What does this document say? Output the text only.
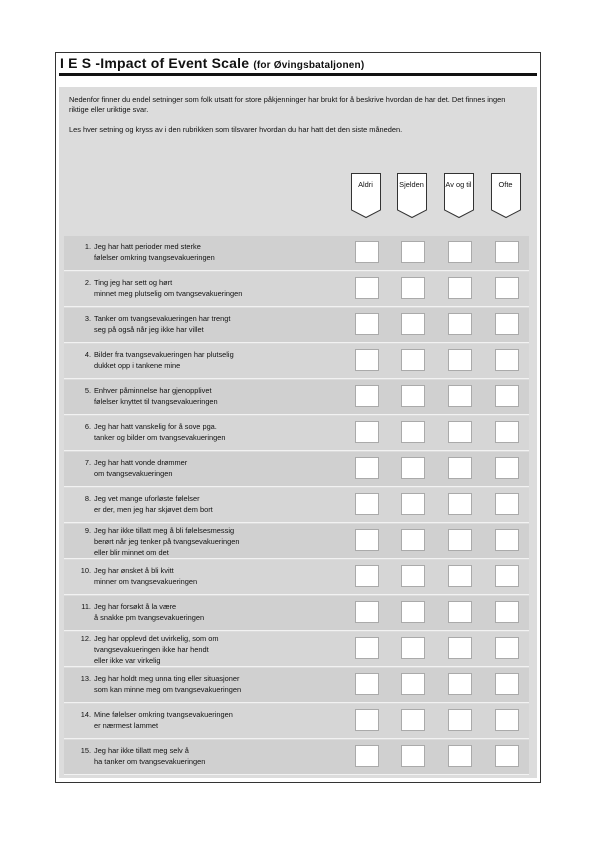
I E S -Impact of Event Scale (for Øvingsbataljonen)

Nedenfor finner du endel setninger som folk utsatt for store påkjenninger har brukt for å beskrive hvordan de har det. Det finnes ingen riktige eller uriktige svar.

Les hver setning og kryss av i den rubrikken som tilsvarer hvordan du har hatt det den siste måneden.

Aldri	Sjelden	Av og til	Ofte
1. Jeg har hatt perioder med sterke
følelser omkring tvangsevakueringen
2. Ting jeg har sett og hørt
minnet meg plutselig om tvangsevakueringen
3. Tanker om tvangsevakueringen har trengt
seg på også når jeg ikke har villet
4. Bilder fra tvangsevakueringen har plutselig
dukket opp i tankene mine
5. Enhver påminnelse har gjenopplivet
følelser knyttet til tvangsevakueringen
6. Jeg har hatt vanskelig for å sove pga.
tanker og bilder om tvangsevakueringen
7. Jeg har hatt vonde drømmer
om tvangsevakueringen
8. Jeg vet mange uforløste følelser
er der, men jeg har skjøvet dem bort
9. Jeg har ikke tillatt meg å bli følelsesmessig
berørt når jeg tenker på tvangsevakueringen
eller blir minnet om det
10. Jeg har ønsket å bli kvitt
minner om tvangsevakueringen
11. Jeg har forsøkt å la være
å snakke pm tvangsevakueringen
12. Jeg har opplevd det uvirkelig, som om
tvangsevakueringen ikke har hendt
eller ikke var virkelig
13. Jeg har holdt meg unna ting eller situasjoner
som kan minne meg om tvangsevakueringen
14. Mine følelser omkring tvangsevakueringen
er nærmest lammet
15. Jeg har ikke tillatt meg selv å
ha tanker om tvangsevakueringen
